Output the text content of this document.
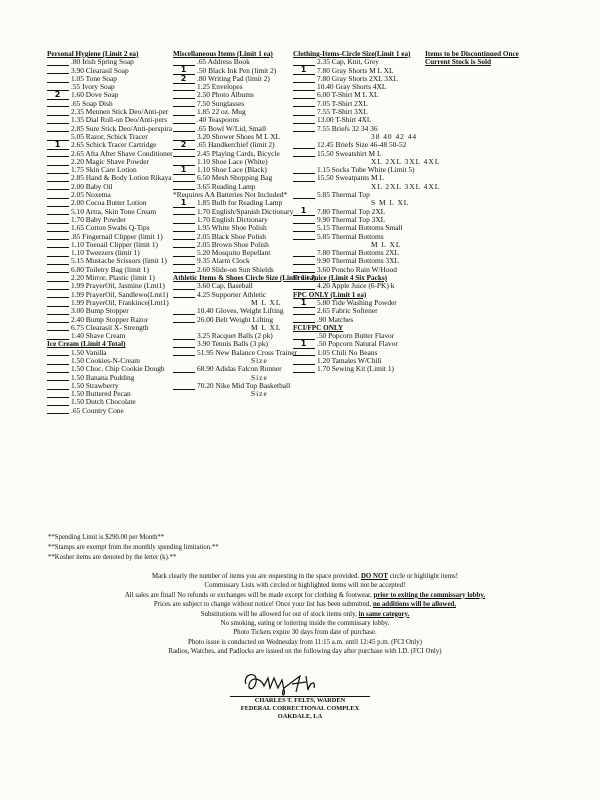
Personal Hygiene (Limit 2 ea)
.80 Irish Spring Soap
3.90 Clearasil Soap
1.05 Tone Soap
.55 Ivory Soap
2	1.60 Dove Soap
.65 Soap Dish
2.35 Mennen Stick Deo/Anti-per
1.35 Dial Roll-on Deo/Anti-pers
2.85 Sure Stick Deo/Anti-perspira
5.05 Razor, Schick Tracer
1	2.65 Schick Tracer Cartridge
2.65 Afta After Shave Conditioner
2.20 Magic Shave Powder
1.75 Skin Care Lotion
2.85 Hand & Body Lotion Rikaya
2.00 Baby Oil
2.05 Noxema
2.00 Cocoa Butter Lotion
5.10 Artra, Skin Tone Cream
1.70 Baby Powder
1.65 Cotton Swabs Q-Tips
.85 Fingernail Clipper (limit 1)
1.10 Toenail Clipper (limit 1)
1.10 Tweezers (limit 1)
5.15 Mustache Scissors (limit 1)
6.80 Toiletry Bag (limit 1)
2.20 Mirror, Plastic (limit 1)
1.99 PrayerOil, Jasmine (Lmt1)
1.99 PrayerOil, Sandlewo(Lmt1)
1.99 PrayerOil, Frankince(Lmt1)
3.00 Bump Stopper
2.40 Bump Stopper Razor
6.75 Clearasil X- Strength
1.40 Shave Cream
Ice Cream (Limit 4 Total)
1.50 Vanilla
1.50 Cookies-N-Cream
1.50 Choc. Chip Cookie Dough
1.50 Banana Pudding
1.50 Strawberry
1.50 Buttered Pecan
1.50 Dutch Chocolate
.65 Country Cone
Miscellaneous Items (Limit 1 ea)
.65 Address Book
1	.50 Black Ink Pen (limit 2)
2	.80 Writing Pad (limit 2)
1.25 Envelopes
2.50 Photo Albums
7.50 Sunglasses
1.85 22 oz. Mug
.40 Teaspoons
.65 Bowl W/Lid, Small
3.20 Shower Shoes M L XL
2	.65 Handkerchief (limit 2)
2.45 Playing Cards, Bicycle
1.10 Shoe Lace (White)
1	1.10 Shoe Lace (Black)
6.50 Mesh Shopping Bag
3.65 Reading Lamp
*Requires AA Batteries Not Included*
1	1.85 Bulb for Reading Lamp
1.70 English/Spanish Dictionary
1.70 English Dictionary
1.95 White Shoe Polish
2.05 Black Shoe Polish
2.05 Brown Shoe Polish
5.20 Mosquito Repellant
9.35 Alarm Clock
2.60 Slide-on Sun Shields
Athletic Items & Shoes Circle Size (Limit 1 ea)
3.60 Cap, Baseball
4.25 Supporter Athletic
M L XL
10.40 Gloves, Weight Lifting
26.00 Belt Weight Lifting
M L XL
3.25 Racquet Balls (2 pk)
3.90 Tennis Balls (3 pk)
51.95 New Balance Cross Trainer
Size
68.90 Adidas Falcon Runner
Size
70.20 Nike Mid Top Basketball
Size
Clothing-Items-Circle Size(Limit 1 ea)
2.35 Cap, Knit, Grey
1	7.80 Gray Shorts M L XL
7.80 Gray Shorts 2XL 3XL
10.40 Gray Shorts 4XL
6.00 T-Shirt M L XL
7.05 T-Shirt 2XL
7.55 T-Shirt 3XL
13.00 T-Shirt 4XL
7.55 Briefs 32 34 36
38 40 42 44
12.45 Briefs Size 46-48 50-52
15.50 Sweatshirt M L
XL 2XL 3XL 4XL
1.15 Socks Tube White (Limit 5)
15.50 Sweatpants M L
XL 2XL 3XL 4XL
5.85 Thermal Top
S M L XL
1	7.80 Thermal Top 2XL
9.90 Thermal Top 3XL
5.15 Thermal Bottoms Small
5.85 Thermal Bottoms
M L XL
7.80 Thermal Bottoms 2XL
9.90 Thermal Bottoms 3XL
3.60 Poncho Rain W/Hood
Fruit Juice (Limit 4 Six Packs)
4.20 Apple Juice (6-PK) k
FPC ONLY (Limit 1 ea)
1	5.80 Tide Washing Powder
2.65 Fabric Softener
.90 Matches
FCI/FPC ONLY
.50 Popcorn Butter Flavor
1	.50 Popcorn Natural Flavor
1.05 Chili No Beans
1.20 Tamales W/Chili
1.70 Sewing Kit (Limit 1)
Items to be Discontinued Once Current Stock is Sold
**Spending Limit is $290.00 per Month**
**Stamps are exempt from the monthly spending limitation.**
**Kosher items are denoted by the letter (k).**
Mark clearly the number of items you are requesting in the space provided. DO NOT circle or highlight items!
Commissary Lists with circled or highlighted items will not be accepted!
All sales are final! No refunds or exchanges will be made except for clothing & footwear, prior to exiting the commissary lobby.
Prices are subject to change without notice! Once your list has been submitted, no additions will be allowed.
Substitutions will be allowed for out of stock items only, in same category.
No smoking, eating or loitering inside the commissary lobby.
Photo Tickets expire 30 days from date of purchase.
Photo issue is conducted on Wednesday from 11:15 a.m. until 12:45 p.m. (FCI Only)
Radios, Watches, and Padlocks are issued on the following day after purchase with I.D. (FCI Only)
CHARLES T. FELTS, WARDEN
FEDERAL CORRECTIONAL COMPLEX
OAKDALE, LA
